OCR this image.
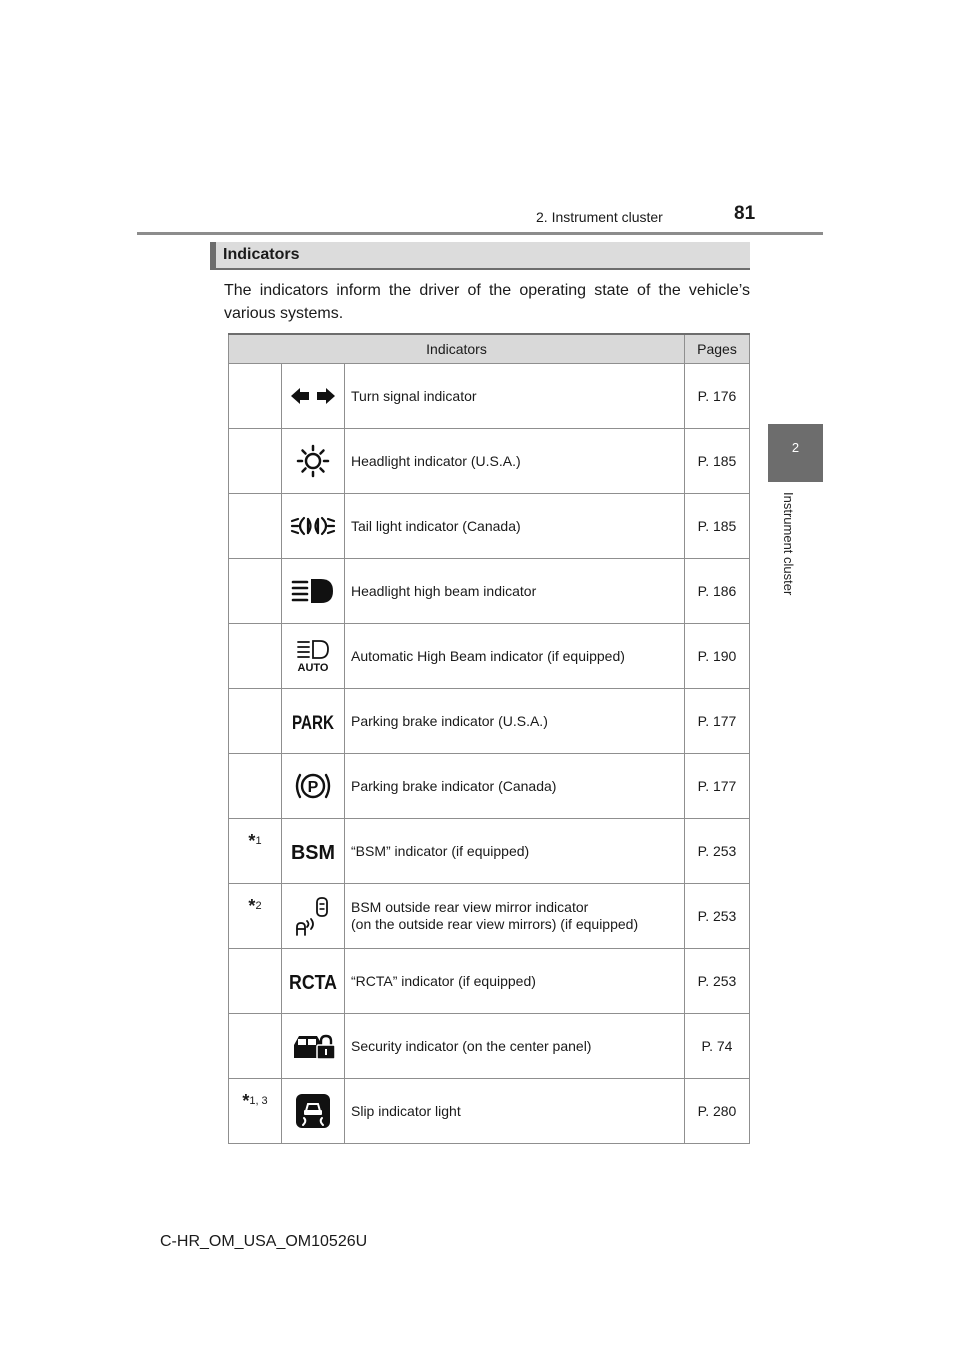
2. Instrument cluster	81
2
Instrument cluster
Indicators
The indicators inform the driver of the operating state of the vehicle’s various systems.
Indicators			Pages

	Turn signal indicator	P. 176

	Headlight indicator (U.S.A.)	P. 185

	Tail light indicator (Canada)	P. 185

	Headlight high beam indicator	P. 186

AUTO	Automatic High Beam indicator (if equipped)	P. 190

PARK	Parking brake indicator (U.S.A.)	P. 177

P	Parking brake indicator (Canada)	P. 177
*1	BSM	“BSM” indicator (if equipped)	P. 253
*2		BSM outside rear view mirror indicator
(on the outside rear view mirrors) (if equipped)	P. 253

RCTA	“RCTA” indicator (if equipped)	P. 253

	Security indicator (on the center panel)	P. 74
*1, 3		Slip indicator light	P. 280
C-HR_OM_USA_OM10526U
